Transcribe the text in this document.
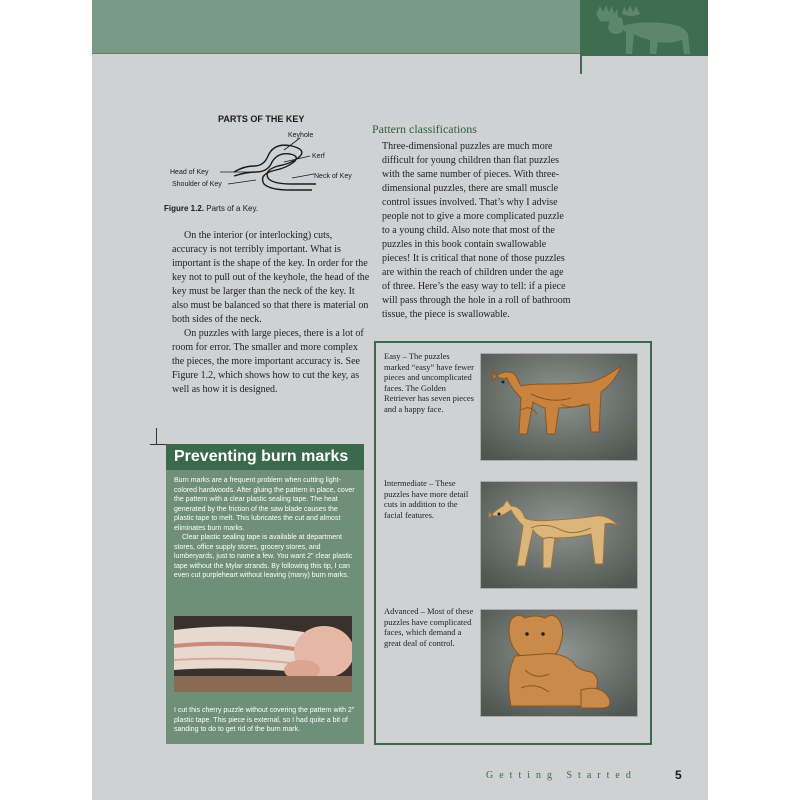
PARTS OF THE KEY
Keyhole
Kerf
Neck of Key
Head of Key
Shoulder of Key
Figure 1.2. Parts of a Key.

On the interior (or interlocking) cuts, accuracy is not terribly important. What is important is the shape of the key. In order for the key not to pull out of the keyhole, the head of the key must be larger than the neck of the key. It also must be balanced so that there is material on both sides of the neck.

On puzzles with large pieces, there is a lot of room for error. The smaller and more complex the pieces, the more important accuracy is. See Figure 1.2, which shows how to cut the key, as well as how it is designed.

Pattern classifications

Three-dimensional puzzles are much more difficult for young children than flat puzzles with the same number of pieces. With three-dimensional puzzles, there are small muscle control issues involved. That’s why I advise people not to give a more complicated puzzle to a young child. Also note that most of the puzzles in this book contain swallowable pieces! It is critical that none of those puzzles are within the reach of children under the age of three. Here’s the easy way to tell: if a piece will pass through the hole in a roll of bathroom tissue, the piece is swallowable.

Preventing burn marks

Burn marks are a frequent problem when cutting light-colored hardwoods. After gluing the pattern in place, cover the pattern with a clear plastic sealing tape. The heat generated by the friction of the saw blade causes the plastic tape to melt. This lubricates the cut and almost eliminates burn marks.

Clear plastic sealing tape is available at department stores, office supply stores, grocery stores, and lumberyards, just to name a few. You want 2" clear plastic tape without the Mylar strands. By following this tip, I can even cut purpleheart without leaving (many) burn marks.

I cut this cherry puzzle without covering the pattern with 2" plastic tape. This piece is external, so I had quite a bit of sanding to do to get rid of the burn mark.
Easy – The puzzles marked “easy” have fewer pieces and uncomplicated faces. The Golden Retriever has seven pieces and a happy face.
Intermediate – These puzzles have more detail cuts in addition to the facial features.
Advanced – Most of these puzzles have complicated faces, which demand a great deal of control.
Getting Started	5
